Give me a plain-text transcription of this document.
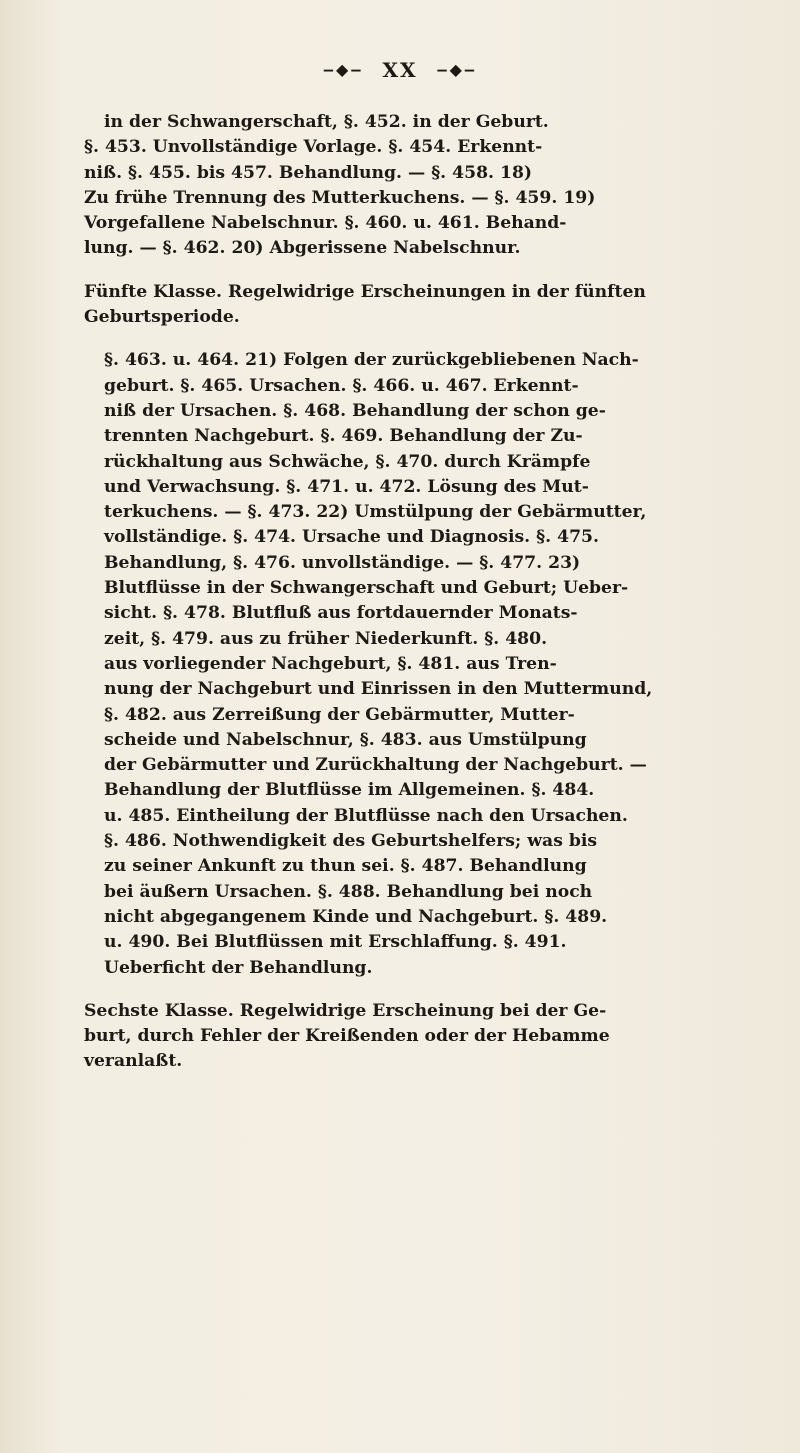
‒◆‒ XX ‒◆‒

in der Schwangerschaft, §. 452. in der Geburt.

§. 453. Unvollständige Vorlage. §. 454. Erkennt-

niß. §. 455. bis 457. Behandlung. — §. 458. 18)

Zu frühe Trennung des Mutterkuchens. — §. 459. 19)

Vorgefallene Nabelschnur. §. 460. u. 461. Behand-

lung. — §. 462. 20) Abgerissene Nabelschnur.

Fünfte Klasse. Regelwidrige Erscheinungen in der fünften

Geburtsperiode.

§. 463. u. 464. 21) Folgen der zurückgebliebenen Nach-

geburt. §. 465. Ursachen. §. 466. u. 467. Erkennt-

niß der Ursachen. §. 468. Behandlung der schon ge-

trennten Nachgeburt. §. 469. Behandlung der Zu-

rückhaltung aus Schwäche, §. 470. durch Krämpfe

und Verwachsung. §. 471. u. 472. Lösung des Mut-

terkuchens. — §. 473. 22) Umstülpung der Gebärmutter,

vollständige. §. 474. Ursache und Diagnosis. §. 475.

Behandlung, §. 476. unvollständige. — §. 477. 23)

Blutflüsse in der Schwangerschaft und Geburt; Ueber-

sicht. §. 478. Blutfluß aus fortdauernder Monats-

zeit, §. 479. aus zu früher Niederkunft. §. 480.

aus vorliegender Nachgeburt, §. 481. aus Tren-

nung der Nachgeburt und Einrissen in den Muttermund,

§. 482. aus Zerreißung der Gebärmutter, Mutter-

scheide und Nabelschnur, §. 483. aus Umstülpung

der Gebärmutter und Zurückhaltung der Nachgeburt. —

Behandlung der Blutflüsse im Allgemeinen. §. 484.

u. 485. Eintheilung der Blutflüsse nach den Ursachen.

§. 486. Nothwendigkeit des Geburtshelfers; was bis

zu seiner Ankunft zu thun sei. §. 487. Behandlung

bei äußern Ursachen. §. 488. Behandlung bei noch

nicht abgegangenem Kinde und Nachgeburt. §. 489.

u. 490. Bei Blutflüssen mit Erschlaffung. §. 491.

Ueberficht der Behandlung.

Sechste Klasse. Regelwidrige Erscheinung bei der Ge-

burt, durch Fehler der Kreißenden oder der Hebamme

veranlaßt.
